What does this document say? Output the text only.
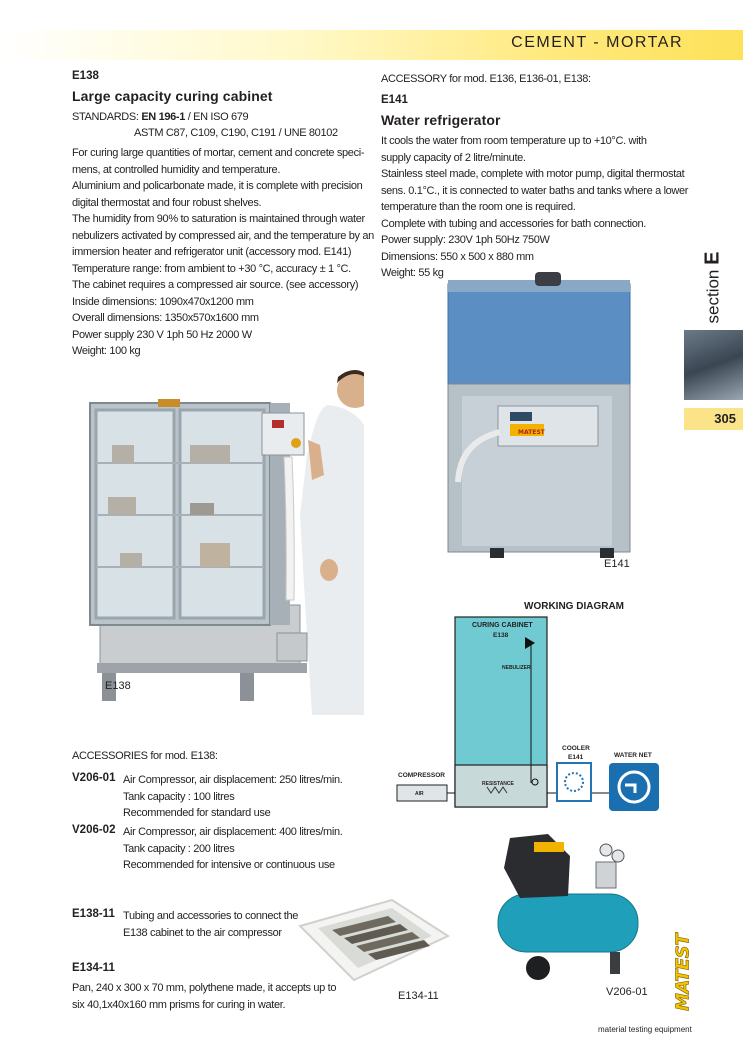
CEMENT - MORTAR
section E
305
E138
Large capacity curing cabinet
STANDARDS: EN 196-1 / EN ISO 679
ASTM C87, C109, C190, C191 / UNE 80102
For curing large quantities of mortar, cement and concrete speci-
mens, at controlled humidity and temperature.
Aluminium and policarbonate made, it is complete with precision
digital thermostat and four robust shelves.
The humidity from 90% to saturation is maintained through water
nebulizers activated by compressed air, and the temperature by an
immersion heater and refrigerator unit (accessory mod. E141)
Temperature range: from ambient to +30 °C, accuracy ± 1 °C.
The cabinet requires a compressed air source. (see accessory)
Inside dimensions: 1090x470x1200 mm
Overall dimensions: 1350x570x1600 mm
Power supply 230 V 1ph 50 Hz 2000 W
Weight: 100 kg
E138
ACCESSORY for mod. E136, E136-01, E138:
E141
Water refrigerator
It cools the water from room temperature up to +10°C. with
supply capacity of 2 litre/minute.
Stainless steel made, complete with motor pump, digital thermostat
sens. 0.1°C., it is connected to water baths and tanks where a lower
temperature than the room one is required.
Complete with tubing and accessories for bath connection.
Power supply: 230V 1ph 50Hz 750W
Dimensions: 550 x 500 x 880 mm
Weight: 55 kg
MATEST
E141
WORKING DIAGRAM
CURING CABINET
E138
NEBULIZER
RESISTANCE
COMPRESSOR
AIR
COOLER
E141	WATER NET
ACCESSORIES for mod. E138:
V206-01 Air Compressor, air displacement: 250 litres/min.
Tank capacity : 100 litres
Recommended for standard use
V206-02 Air Compressor, air displacement: 400 litres/min.
Tank capacity : 200 litres
Recommended for intensive or continuous use
E138-11 Tubing and accessories to connect the
E138 cabinet to the air compressor
E134-11
Pan, 240 x 300 x 70 mm, polythene made, it accepts up to
six 40,1x40x160 mm prisms for curing in water.
E134-11	V206-01 MATEST
material testing equipment
